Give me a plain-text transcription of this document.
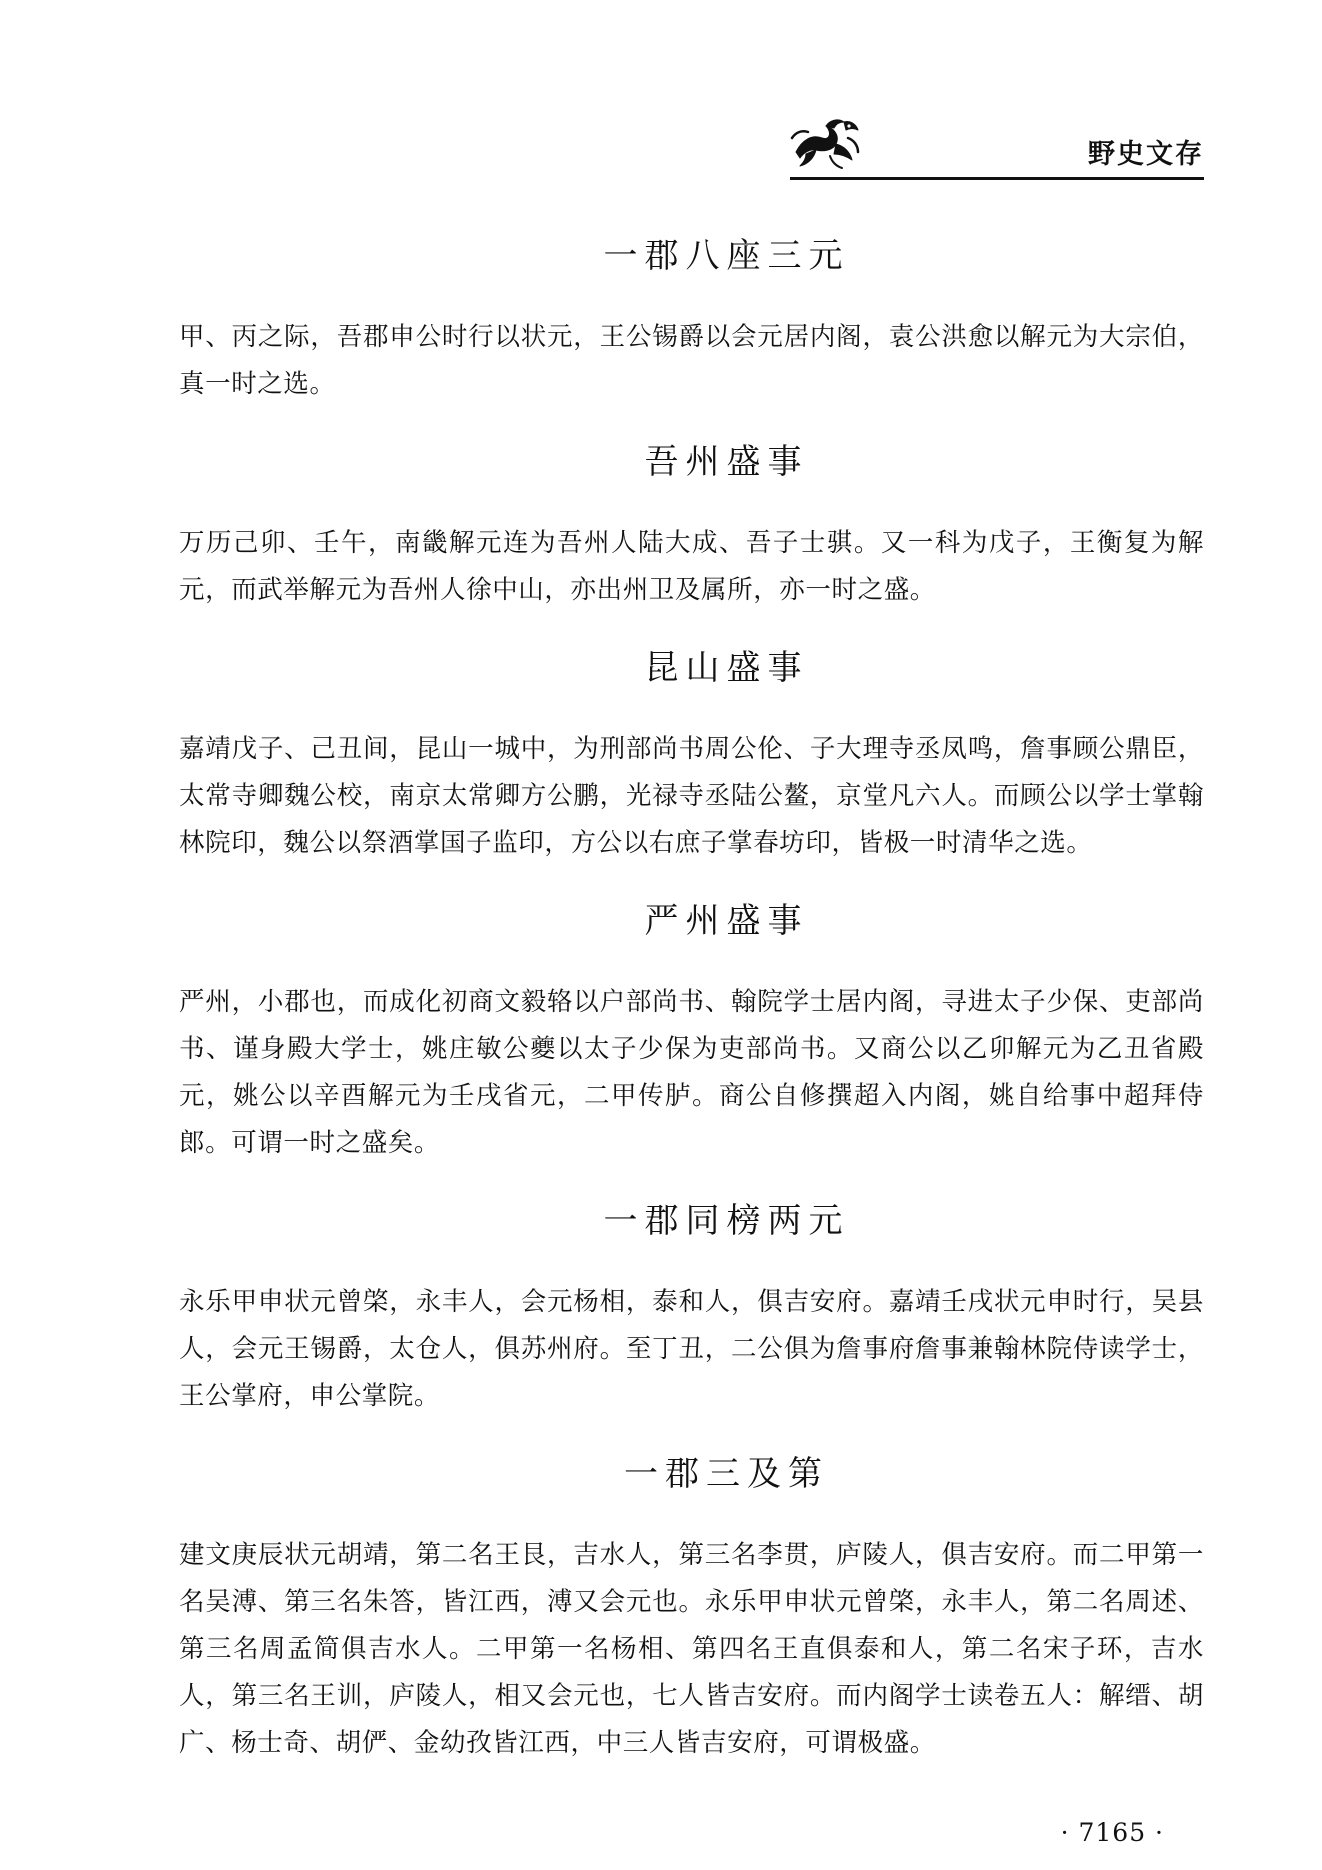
野史文存
一郡八座三元

甲、丙之际，吾郡申公时行以状元，王公锡爵以会元居内阁，袁公洪愈以解元为大宗伯，真一时之选。

吾州盛事

万历己卯、壬午，南畿解元连为吾州人陆大成、吾子士骐。又一科为戊子，王衡复为解元，而武举解元为吾州人徐中山，亦出州卫及属所，亦一时之盛。

昆山盛事

嘉靖戊子、己丑间，昆山一城中，为刑部尚书周公伦、子大理寺丞凤鸣，詹事顾公鼎臣，太常寺卿魏公校，南京太常卿方公鹏，光禄寺丞陆公鳌，京堂凡六人。而顾公以学士掌翰林院印，魏公以祭酒掌国子监印，方公以右庶子掌春坊印，皆极一时清华之选。

严州盛事

严州，小郡也，而成化初商文毅辂以户部尚书、翰院学士居内阁，寻进太子少保、吏部尚书、谨身殿大学士，姚庄敏公夔以太子少保为吏部尚书。又商公以乙卯解元为乙丑省殿元，姚公以辛酉解元为壬戌省元，二甲传胪。商公自修撰超入内阁，姚自给事中超拜侍郎。可谓一时之盛矣。

一郡同榜两元

永乐甲申状元曾棨，永丰人，会元杨相，泰和人，俱吉安府。嘉靖壬戌状元申时行，吴县人，会元王锡爵，太仓人，俱苏州府。至丁丑，二公俱为詹事府詹事兼翰林院侍读学士，王公掌府，申公掌院。

一郡三及第

建文庚辰状元胡靖，第二名王艮，吉水人，第三名李贯，庐陵人，俱吉安府。而二甲第一名吴溥、第三名朱答，皆江西，溥又会元也。永乐甲申状元曾棨，永丰人，第二名周述、第三名周孟简俱吉水人。二甲第一名杨相、第四名王直俱泰和人，第二名宋子环，吉水人，第三名王训，庐陵人，相又会元也，七人皆吉安府。而内阁学士读卷五人：解缙、胡广、杨士奇、胡俨、金幼孜皆江西，中三人皆吉安府，可谓极盛。

· 7165 ·
